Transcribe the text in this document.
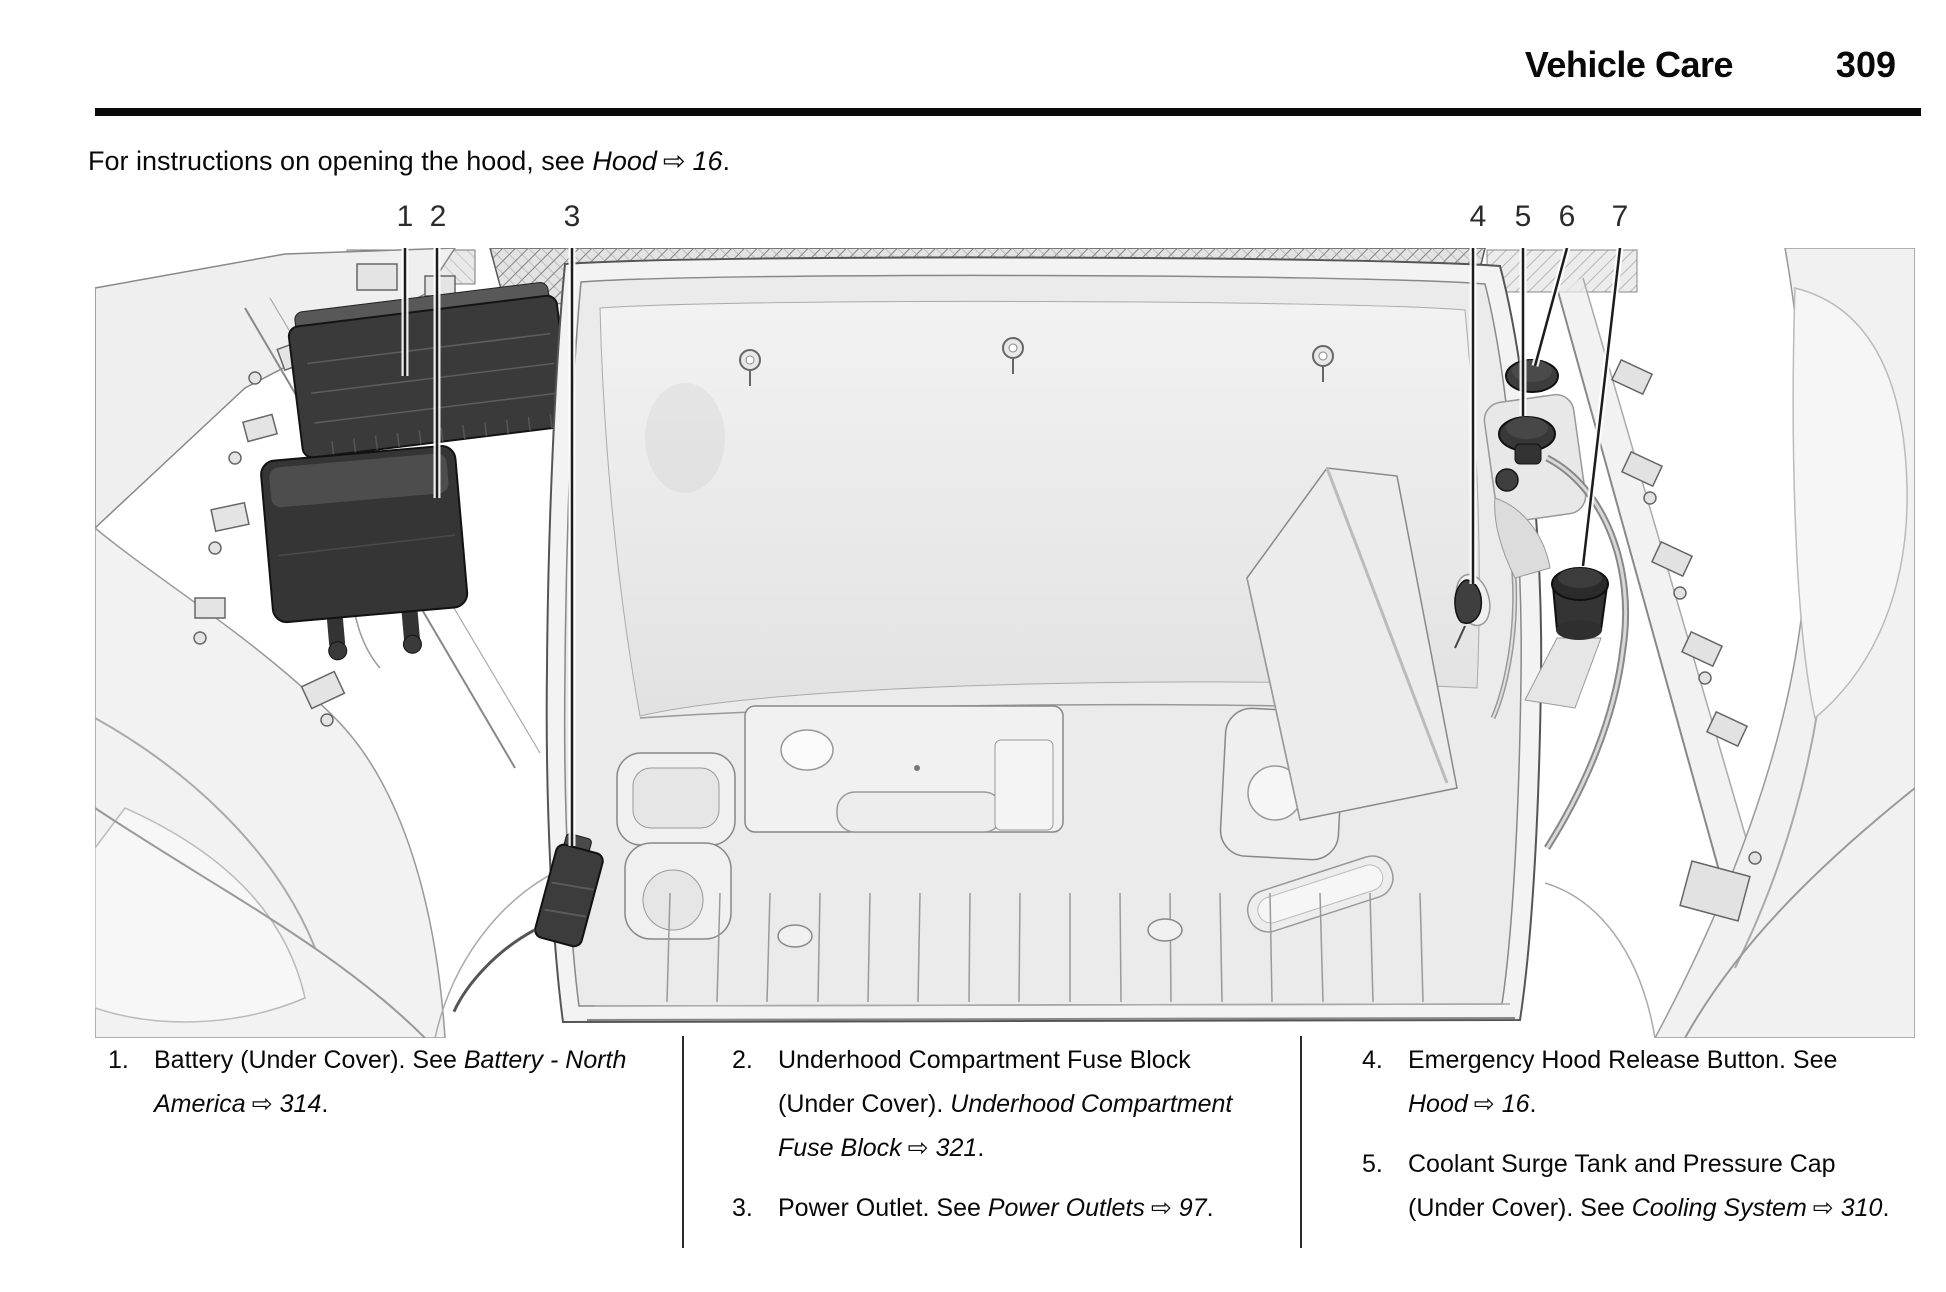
Vehicle Care	309

For instructions on opening the hood, see Hood ⇨ 16.

1 2	3	4 5 6 7
1.	Battery (Under Cover). See Battery - North America ⇨ 314.
2.	Underhood Compartment Fuse Block (Under Cover). Underhood Compartment Fuse Block ⇨ 321.
3.	Power Outlet. See Power Outlets ⇨ 97.
4.	Emergency Hood Release Button. See Hood ⇨ 16.
5.	Coolant Surge Tank and Pressure Cap (Under Cover). See Cooling System ⇨ 310.
